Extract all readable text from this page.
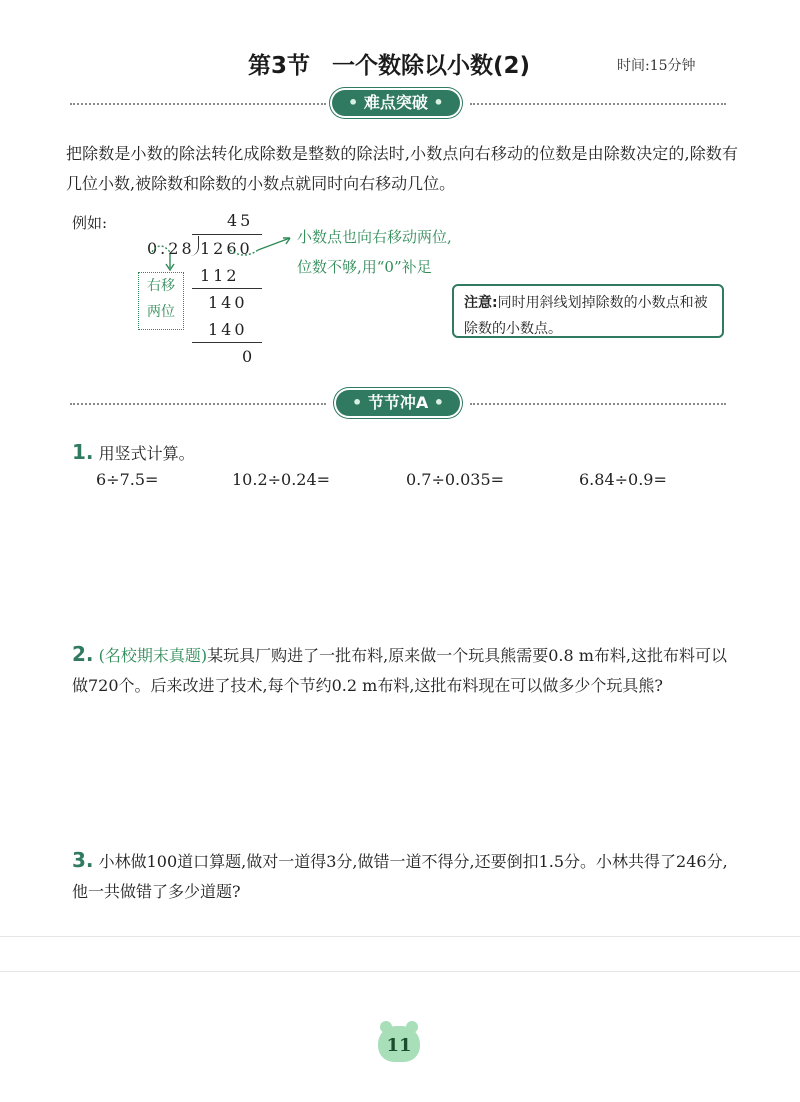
第3节 一个数除以小数(2)	时间:15分钟
• 难点突破 •
把除数是小数的除法转化成除数是整数的除法时,小数点向右移动的位数是由除数决定的,除数有几位小数,被除数和除数的小数点就同时向右移动几位。
例如:	45
0.28 1260
112
140
140
0
小数点也向右移动两位,
位数不够,用“0”补足
右移
两位
注意:同时用斜线划掉除数的小数点和被除数的小数点。
• 节节冲A •
1. 用竖式计算。
6÷7.5=	10.2÷0.24=	0.7÷0.035=	6.84÷0.9=
2. (名校期末真题)某玩具厂购进了一批布料,原来做一个玩具熊需要0.8 m布料,这批布料可以做720个。后来改进了技术,每个节约0.2 m布料,这批布料现在可以做多少个玩具熊?
3. 小林做100道口算题,做对一道得3分,做错一道不得分,还要倒扣1.5分。小林共得了246分,他一共做错了多少道题?
11
